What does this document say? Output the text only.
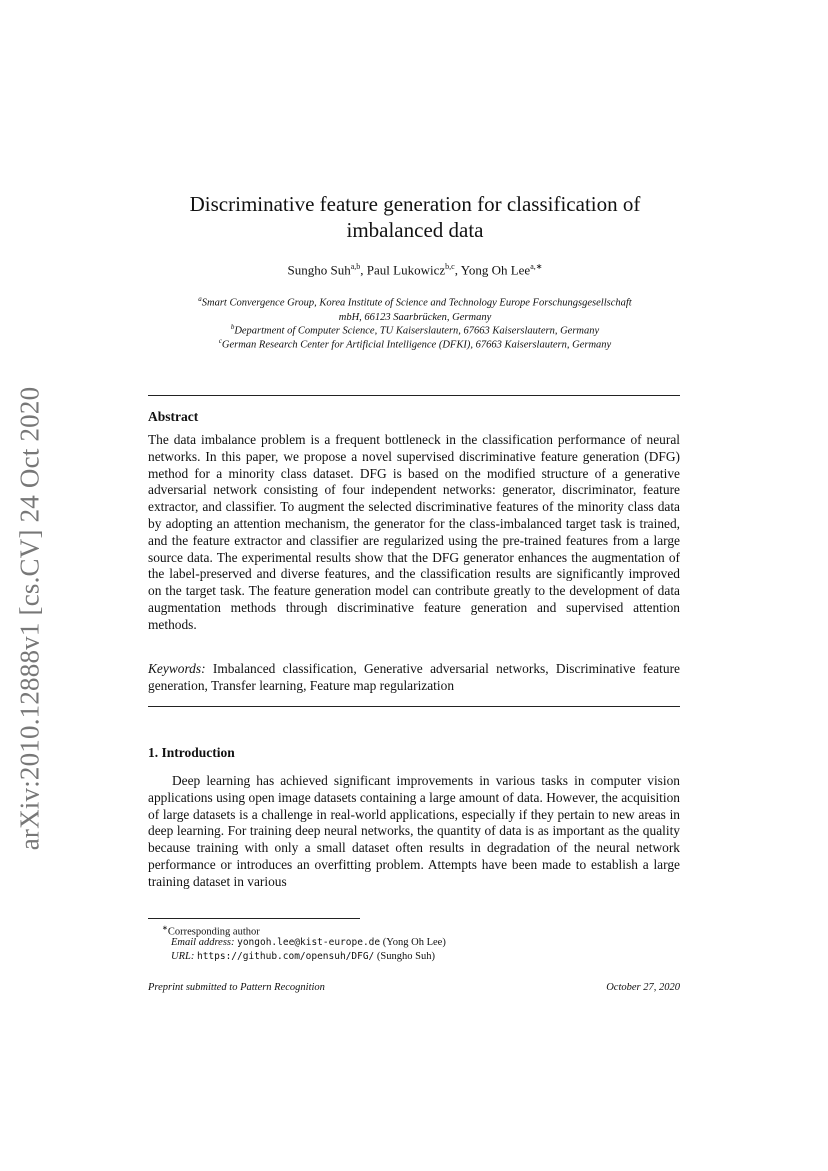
arXiv:2010.12888v1 [cs.CV] 24 Oct 2020
Discriminative feature generation for classification of
imbalanced data
Sungho Suh$^{a,b}$, Paul Lukowicz$^{b,c}$, Yong Oh Lee$^{a,∗}$
$^a$Smart Convergence Group, Korea Institute of Science and Technology Europe Forschungsgesellschaft
mbH, 66123 Saarbrücken, Germany
$^b$Department of Computer Science, TU Kaiserslautern, 67663 Kaiserslautern, Germany
$^c$German Research Center for Artificial Intelligence (DFKI), 67663 Kaiserslautern, Germany
Abstract
The data imbalance problem is a frequent bottleneck in the classification performance of neural networks. In this paper, we propose a novel supervised discriminative feature generation (DFG) method for a minority class dataset. DFG is based on the modified structure of a generative adversarial network consisting of four independent networks: generator, discriminator, feature extractor, and classifier. To augment the selected discriminative features of the minority class data by adopting an attention mechanism, the generator for the class-imbalanced target task is trained, and the feature extractor and classifier are regularized using the pre-trained features from a large source data. The experimental results show that the DFG generator enhances the augmentation of the label-preserved and diverse features, and the classification results are significantly improved on the target task. The feature generation model can contribute greatly to the development of data augmentation methods through discriminative feature generation and supervised attention methods.
Keywords: Imbalanced classification, Generative adversarial networks, Discriminative feature generation, Transfer learning, Feature map regularization
1. Introduction
Deep learning has achieved significant improvements in various tasks in computer vision applications using open image datasets containing a large amount of data. However, the acquisition of large datasets is a challenge in real-world applications, especially if they pertain to new areas in deep learning. For training deep neural networks, the quantity of data is as important as the quality because training with only a small dataset often results in degradation of the neural network performance or introduces an overfitting problem. Attempts have been made to establish a large training dataset in various
∗Corresponding author
Email address: yongoh.lee@kist-europe.de (Yong Oh Lee)
URL: https://github.com/opensuh/DFG/ (Sungho Suh)
Preprint submitted to Pattern Recognition	October 27, 2020
